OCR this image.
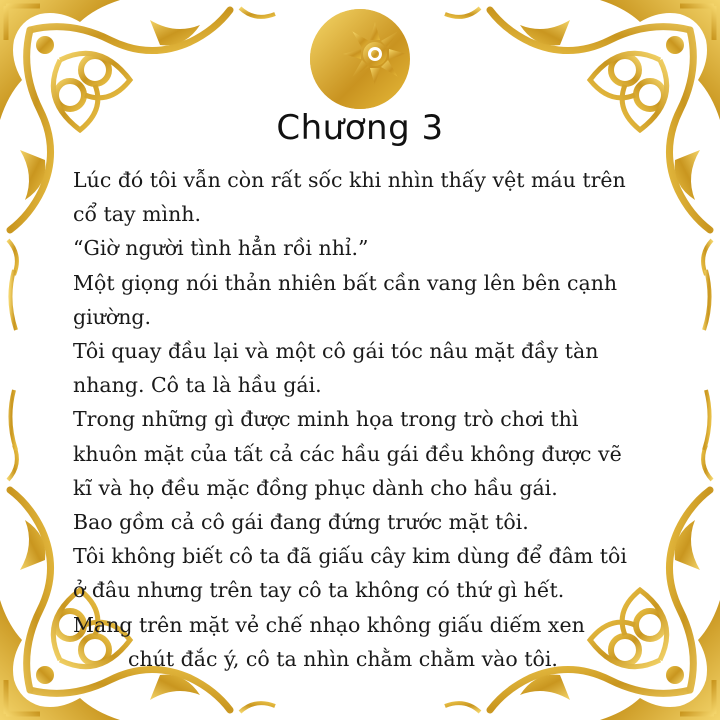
Chương 3

Lúc đó tôi vẫn còn rất sốc khi nhìn thấy vệt máu trên

cổ tay mình.

“Giờ người tình hẳn rồi nhỉ.”

Một giọng nói thản nhiên bất cần vang lên bên cạnh

giường.

Tôi quay đầu lại và một cô gái tóc nâu mặt đầy tàn

nhang. Cô ta là hầu gái.

Trong những gì được minh họa trong trò chơi thì

khuôn mặt của tất cả các hầu gái đều không được vẽ

kĩ và họ đều mặc đồng phục dành cho hầu gái.

Bao gồm cả cô gái đang đứng trước mặt tôi.

Tôi không biết cô ta đã giấu cây kim dùng để đâm tôi

ở đâu nhưng trên tay cô ta không có thứ gì hết.

Mang trên mặt vẻ chế nhạo không giấu diếm xen

chút đắc ý, cô ta nhìn chằm chằm vào tôi.
